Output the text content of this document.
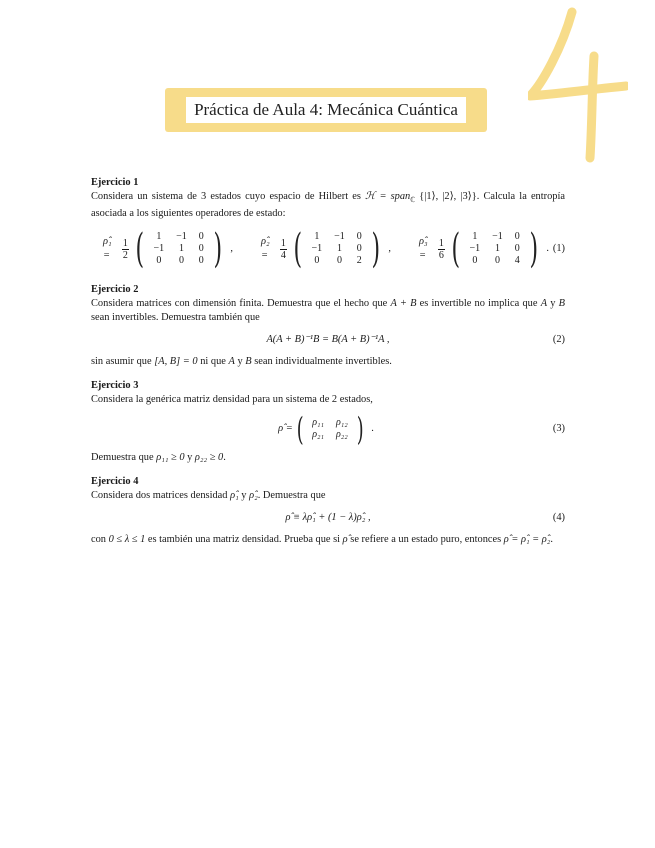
Práctica de Aula 4: Mecánica Cuántica

Ejercicio 1

Considera un sistema de 3 estados cuyo espacio de Hilbert es ℋ = span$_ℂ$ {|1⟩, |2⟩, |3⟩}. Calcula la entropía asociada a los siguientes operadores de estado:

ρ̂₁ =	$\frac{1}{2}$ ( 1	−1	0
−1	1	0
0	0	0 ) ,
ρ̂₂ =	$\frac{1}{4}$ ( 1	−1	0
−1	1	0
0	0	2 ) ,
ρ̂₃ =	$\frac{1}{6}$ ( 1	−1	0
−1	1	0
0	0	4 ) . (1)

Ejercicio 2

Considera matrices con dimensión finita. Demuestra que el hecho que A + B es invertible no implica que A y B sean invertibles. Demuestra también que

A(A + B)⁻¹B = B(A + B)⁻¹A ,	(2)

sin asumir que [A, B] = 0 ni que A y B sean individualmente invertibles.

Ejercicio 3

Considera la genérica matriz densidad para un sistema de 2 estados,

ρ̂ = ( ρ₁₁	ρ₁₂
ρ₂₁	ρ₂₂ ) .	(3)

Demuestra que ρ₁₁ ≥ 0 y ρ₂₂ ≥ 0.

Ejercicio 4

Considera dos matrices densidad ρ̂₁ y ρ̂₂. Demuestra que

ρ̂ ≡ λρ̂₁ + (1 − λ)ρ̂₂ ,	(4)

con 0 ≤ λ ≤ 1 es también una matriz densidad. Prueba que si ρ̂ se refiere a un estado puro, entonces ρ̂ = ρ̂₁ = ρ̂₂.
